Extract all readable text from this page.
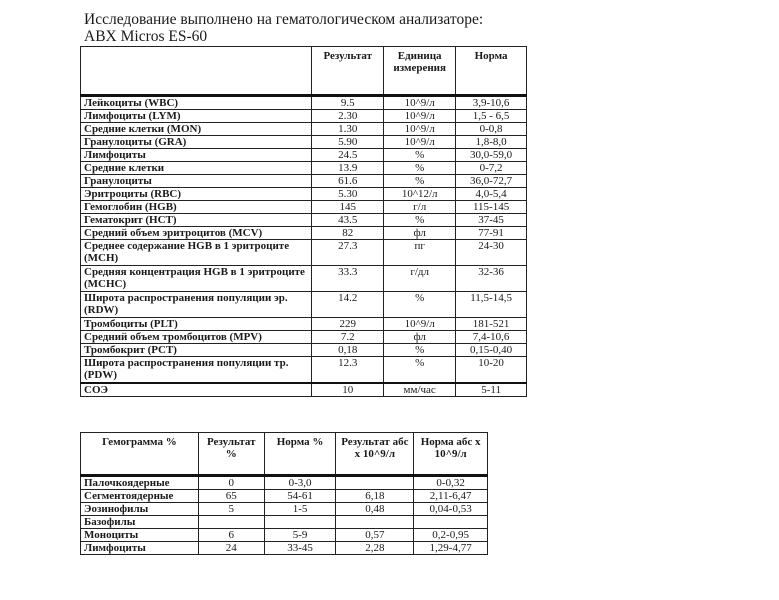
Исследование выполнено на гематологическом анализаторе:
ABX Micros ES-60
	Результат	Единица измерения	Норма
Лейкоциты (WBC)	9.5	10^9/л	3,9-10,6
Лимфоциты (LYM)	2.30	10^9/л	1,5 - 6,5
Средние клетки (MON)	1.30	10^9/л	0-0,8
Гранулоциты (GRA)	5.90	10^9/л	1,8-8,0
Лимфоциты	24.5	%	30,0-59,0
Средние клетки	13.9	%	0-7,2
Гранулоциты	61.6	%	36,0-72,7
Эритроциты (RBC)	5.30	10^12/л	4,0-5,4
Гемоглобин (HGB)	145	г/л	115-145
Гематокрит (HCT)	43.5	%	37-45
Средний объем эритроцитов (MCV)	82	фл	77-91
Среднее содержание HGB в 1 эритроците (MCH)	27.3	пг	24-30
Средняя концентрация HGB в 1 эритроците (MCHC)	33.3	г/дл	32-36
Широта распространения популяции эр. (RDW)	14.2	%	11,5-14,5
Тромбоциты (PLT)	229	10^9/л	181-521
Средний объем тромбоцитов (MPV)	7.2	фл	7,4-10,6
Тромбокрит (PCT)	0,18	%	0,15-0,40
Широта распространения популяции тр. (PDW)	12.3	%	10-20
СОЭ	10	мм/час	5-11
Гемограмма %	Результат %	Норма %	Результат абс х 10^9/л	Норма абс х 10^9/л
Палочкоядерные	0	0-3,0		0-0,32
Сегментоядерные	65	54-61	6,18	2,11-6,47
Эозинофилы	5	1-5	0,48	0,04-0,53
Базофилы				
Моноциты	6	5-9	0,57	0,2-0,95
Лимфоциты	24	33-45	2,28	1,29-4,77
